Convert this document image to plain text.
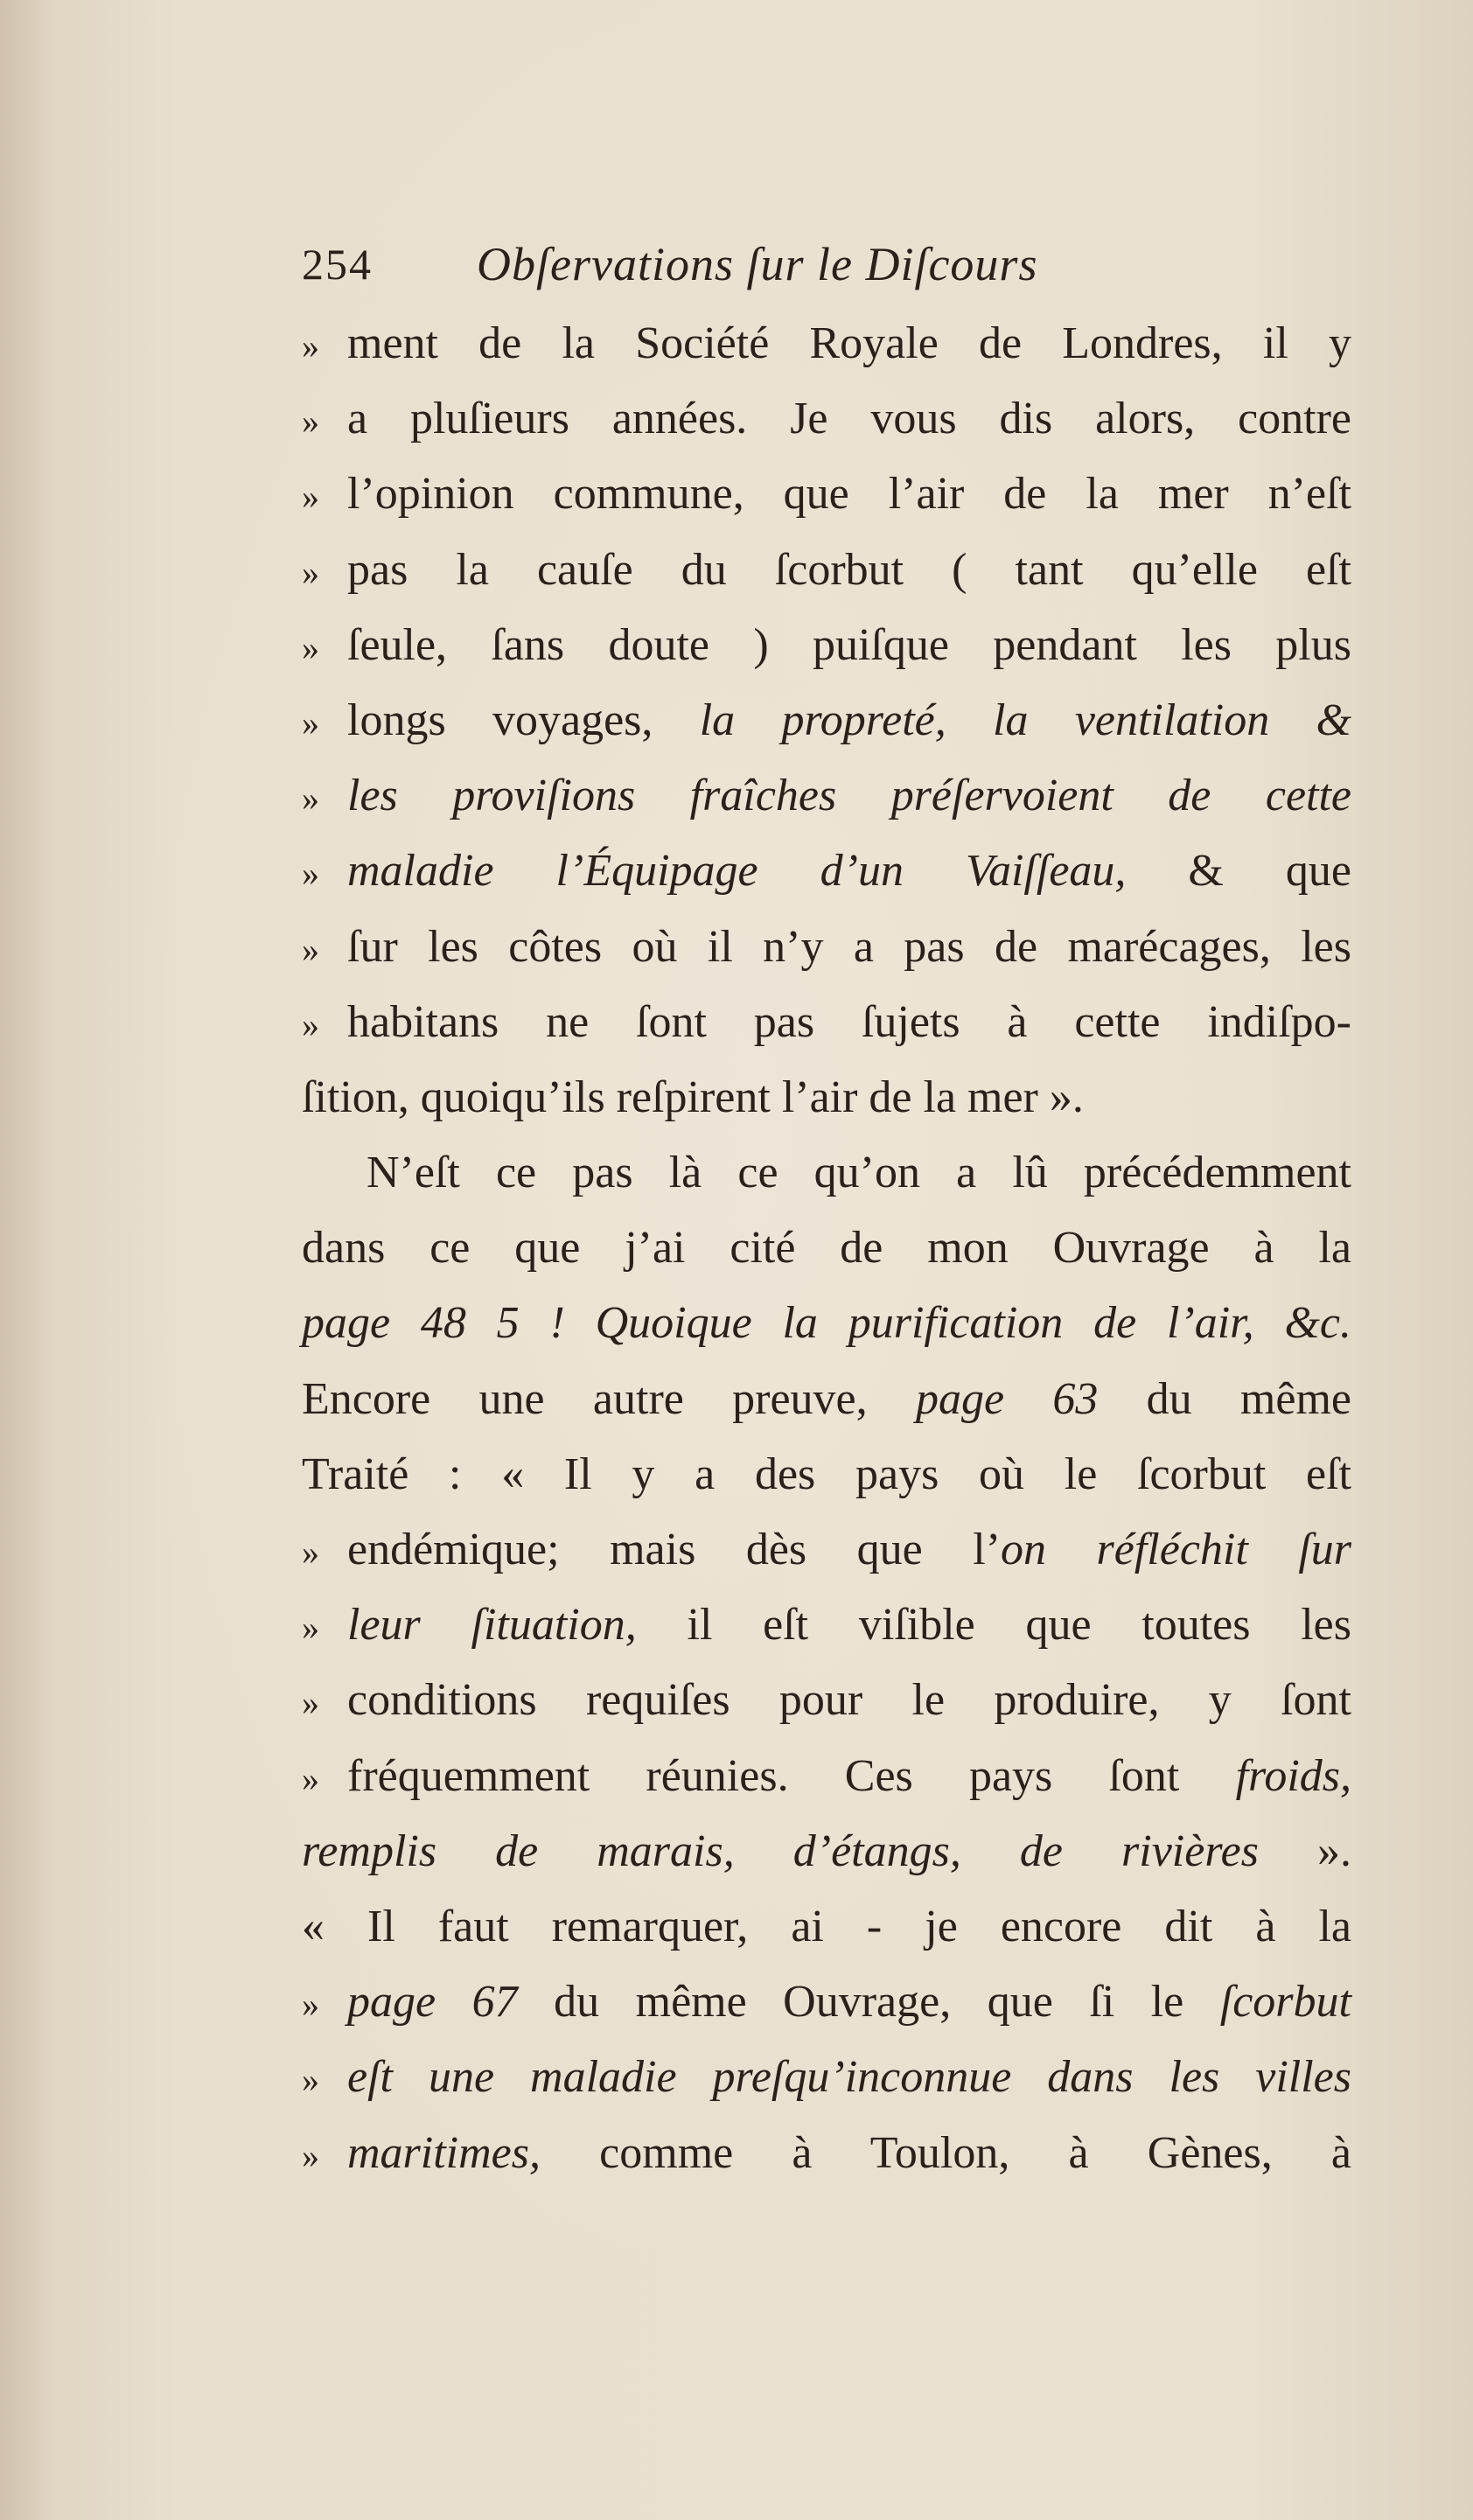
254 Obſervations ſur le Diſcours
» ment de la Société Royale de Londres, il y
» a pluſieurs années. Je vous dis alors, contre
» l’opinion commune, que l’air de la mer n’eſt
» pas la cauſe du ſcorbut ( tant qu’elle eſt
» ſeule, ſans doute ) puiſque pendant les plus
» longs voyages, la propreté, la ventilation &
» les proviſions fraîches préſervoient de cette
» maladie l’Équipage d’un Vaiſſeau, & que
» ſur les côtes où il n’y a pas de marécages, les
» habitans ne ſont pas ſujets à cette indiſpo-
ſition, quoiqu’ils reſpirent l’air de la mer ».
N’eſt ce pas là ce qu’on a lû précédemment
dans ce que j’ai cité de mon Ouvrage à la
page 48 5 ! Quoique la purification de l’air, &c.
Encore une autre preuve, page 63 du même
Traité : « Il y a des pays où le ſcorbut eſt
» endémique; mais dès que l’on réfléchit ſur
» leur ſituation, il eſt viſible que toutes les
» conditions requiſes pour le produire, y ſont
» fréquemment réunies. Ces pays ſont froids,
remplis de marais, d’étangs, de rivières ».
« Il faut remarquer, ai - je encore dit à la
» page 67 du même Ouvrage, que ſi le ſcorbut
» eſt une maladie preſqu’inconnue dans les villes
» maritimes, comme à Toulon, à Gènes, à
